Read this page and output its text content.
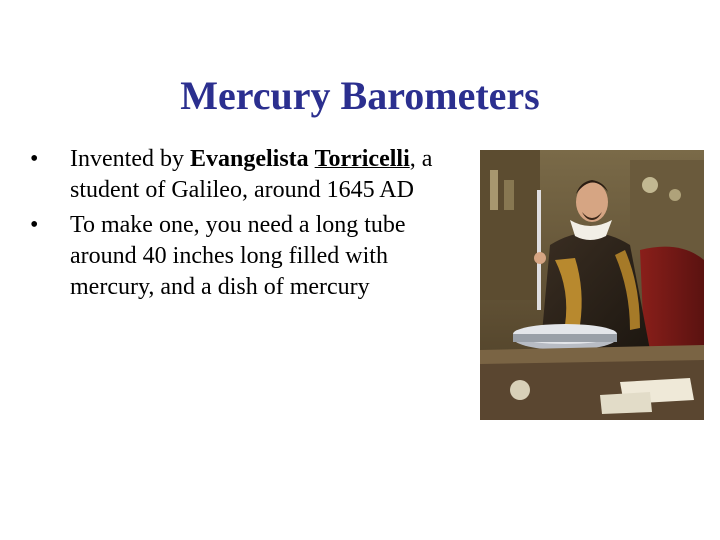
Mercury Barometers
• Invented by Evangelista Torricelli, a student of Galileo, around 1645 AD
• To make one, you need a long tube around 40 inches long filled with mercury, and a dish of mercury
